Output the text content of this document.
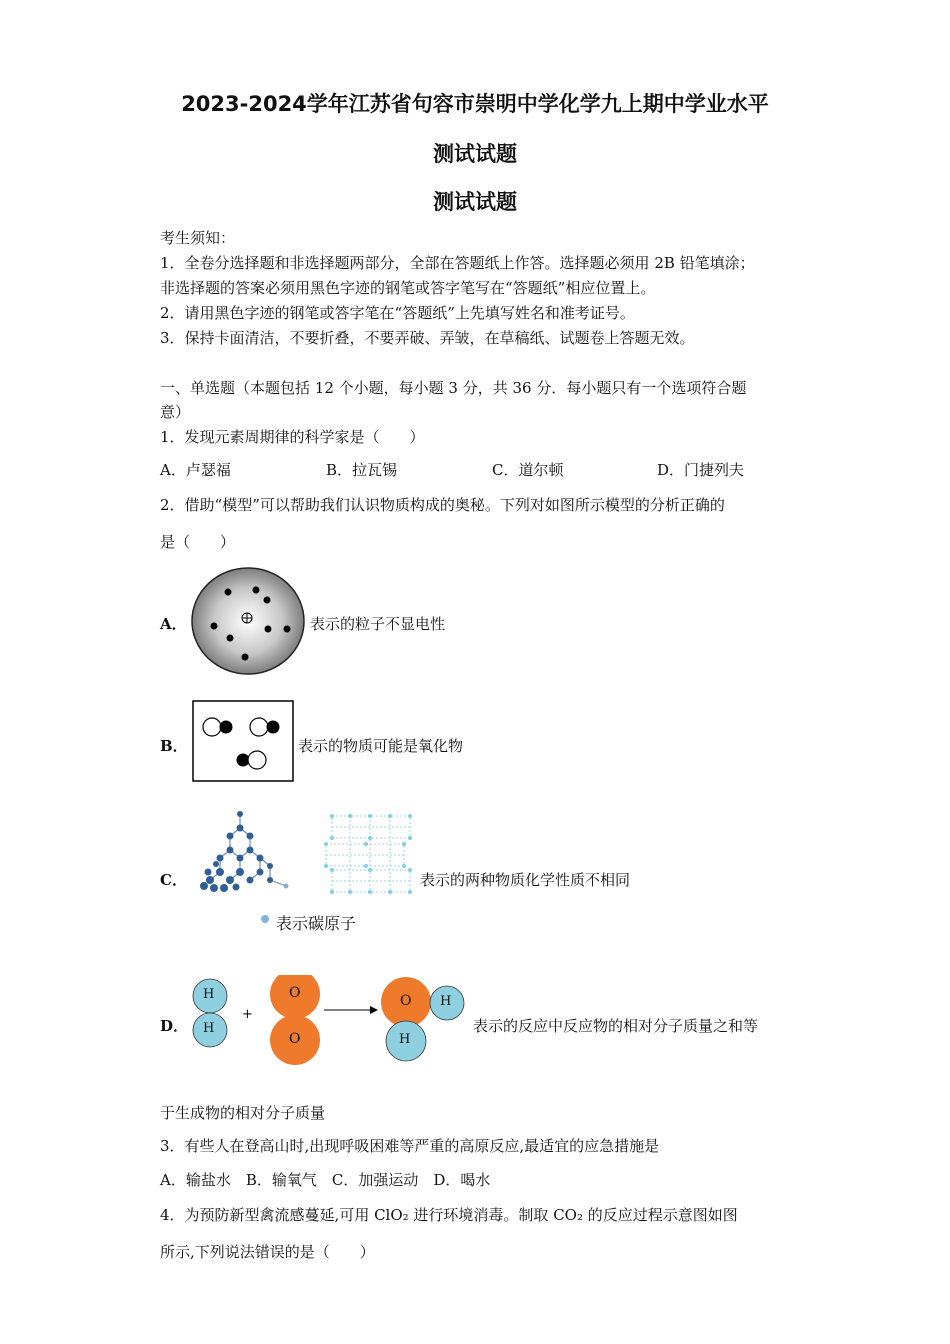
2023-2024学年江苏省句容市崇明中学化学九上期中学业水平
测试试题
测试试题
考生须知：
1．全卷分选择题和非选择题两部分，全部在答题纸上作答。选择题必须用 2B 铅笔填涂；
非选择题的答案必须用黑色字迹的钢笔或答字笔写在“答题纸”相应位置上。
2．请用黑色字迹的钢笔或答字笔在“答题纸”上先填写姓名和准考证号。
3．保持卡面清洁，不要折叠，不要弄破、弄皱，在草稿纸、试题卷上答题无效。
一、单选题（本题包括 12 个小题，每小题 3 分，共 36 分．每小题只有一个选项符合题
意）
1．发现元素周期律的科学家是（　　）
A．卢瑟福	B．拉瓦锡	C．道尔顿	D．门捷列夫
2．借助“模型”可以帮助我们认识物质构成的奥秘。下列对如图所示模型的分析正确的
是（　　）
A．	表示的粒子不显电性
B．	表示的物质可能是氧化物
C．	表示的两种物质化学性质不相同
表示碳原子
D．
H
H
+
O
O
O H
H
表示的反应中反应物的相对分子质量之和等
于生成物的相对分子质量
3．有些人在登高山时,出现呼吸困难等严重的高原反应,最适宜的应急措施是
A．输盐水　B．输氧气　C．加强运动　D．喝水
4．为预防新型禽流感蔓延,可用 ClO₂ 进行环境消毒。制取 CO₂ 的反应过程示意图如图
所示,下列说法错误的是（　　）
